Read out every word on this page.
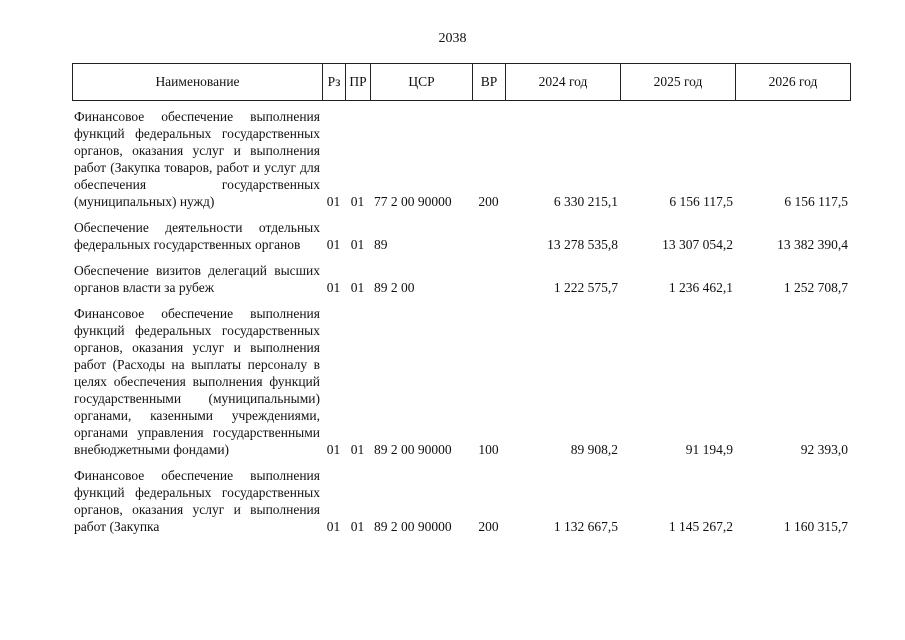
2038
Наименование	Рз	ПР	ЦСР	ВР	2024 год	2025 год	2026 год
Финансовое обеспечение выполнения функций федеральных государственных органов, оказания услуг и выполнения работ (Закупка товаров, работ и услуг для обеспечения государственных (муниципальных) нужд)	01	01	77 2 00 90000	200	6 330 215,1	6 156 117,5	6 156 117,5
Обеспечение деятельности отдельных федеральных государственных органов	01	01	89		13 278 535,8	13 307 054,2	13 382 390,4
Обеспечение визитов делегаций высших органов власти за рубеж	01	01	89 2 00		1 222 575,7	1 236 462,1	1 252 708,7
Финансовое обеспечение выполнения функций федеральных государственных органов, оказания услуг и выполнения работ (Расходы на выплаты персоналу в целях обеспечения выполнения функций государственными (муниципальными) органами, казенными учреждениями, органами управления государственными внебюджетными фондами)	01	01	89 2 00 90000	100	89 908,2	91 194,9	92 393,0
Финансовое обеспечение выполнения функций федеральных государственных органов, оказания услуг и выполнения работ (Закупка	01	01	89 2 00 90000	200	1 132 667,5	1 145 267,2	1 160 315,7
